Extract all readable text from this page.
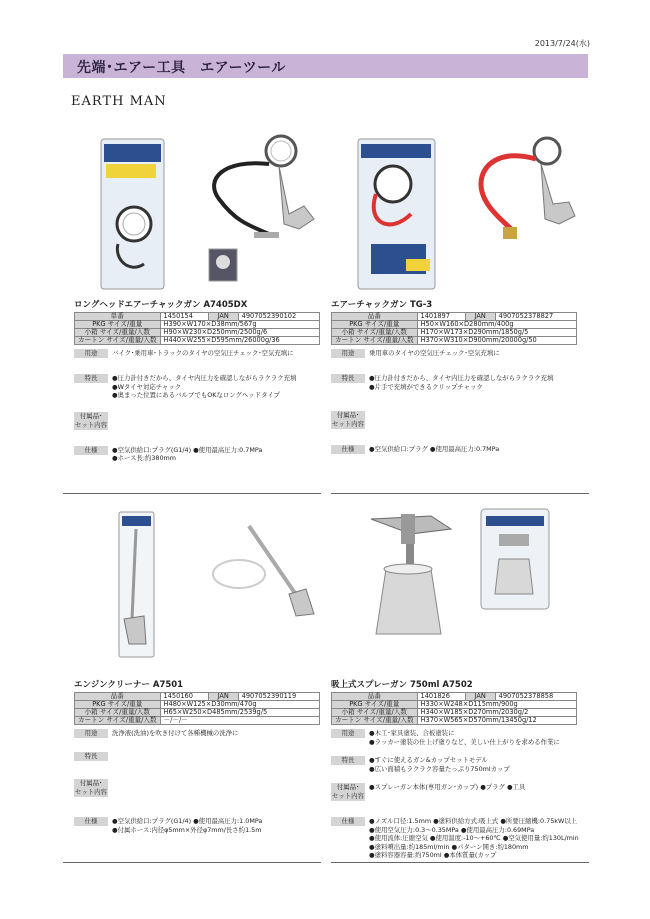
2013/7/24(水)
先端･エアー工具　エアーツール
EARTH MAN
ロングヘッドエアーチャックガン A7405DX
単番	1450154	JAN	4907052390102
PKG サイズ/重量	H390×W170×D38mm/567g		
小箱 サイズ/重量/入数	H90×W230×D250mm/2500g/6		
カートン サイズ/重量/入数	H440×W255×D595mm/26000g/36		
用途	バイク･乗用車･トラックのタイヤの空気圧チェック･空気充填に
特長	●圧力計付きだから、タイヤ内圧力を確認しながらラクラク充填
●Wタイヤ対応チャック
●奥まった位置にあるバルブでもOKなロングヘッドタイプ
付属品･
セット内容
仕様	●空気供給口:プラグ(G1/4) ●使用最高圧力:0.7MPa
●ホース長:約380mm
エアーチャックガン TG-3
品番	1401897	JAN	4907052378827
PKG サイズ/重量	H50×W160×D280mm/400g		
小箱 サイズ/重量/入数	H170×W173×D290mm/1850g/5		
カートン サイズ/重量/入数	H370×W310×D900mm/20000g/50		
用途	乗用車のタイヤの空気圧チェック･空気充填に
特長	●圧力計付きだから、タイヤ内圧力を確認しながらラクラク充填
●片手で充填ができるクリップチャック
付属品･
セット内容
仕様	●空気供給口:プラグ ●使用最高圧力:0.7MPa
エンジンクリーナー A7501
品番	1450160	JAN	4907052390119
PKG サイズ/重量	H480×W125×D30mm/470g		
小箱 サイズ/重量/入数	H65×W250×D485mm/2539g/5		
カートン サイズ/重量/入数	－/－/－		
用途	洗浄液(洗油)を吹き付けて各種機械の洗浄に
特長
付属品･
セット内容
仕様	●空気供給口:プラグ(G1/4) ●使用最高圧力:1.0MPa
●付属ホース:内径φ5mm×外径φ7mm/長さ約1.5m
吸上式スプレーガン 750ml A7502
品番	1401826	JAN	4907052378858
PKG サイズ/重量	H330×W248×D115mm/900g		
小箱 サイズ/重量/入数	H340×W185×D270mm/2030g/2		
カートン サイズ/重量/入数	H370×W565×D570mm/13450g/12		
用途	●木工･家具塗装、合板塗装に
●ラッカー塗装の仕上げ塗りなど、美しい仕上がりを求める作業に
特長	●すぐに使えるガン&カップセットモデル
●広い面積もラクラク容量たっぷり750mlカップ
付属品･
セット内容
●スプレーガン本体(専用ガン･カップ) ●プラグ ●工具
仕様	●ノズル口径:1.5mm ●塗料供給方式:吸上式 ●所要圧縮機:0.75kW以上
●使用空気圧力:0.3～0.35MPa ●使用最高圧力:0.69MPa
●使用流体:圧縮空気 ●使用温度:-10～+60℃ ●空気使用量:約130L/min
●塗料噴出量:約185ml/min ●パターン開き:約180mm
●塗料容器容量:約750ml ●本体質量(カップ
